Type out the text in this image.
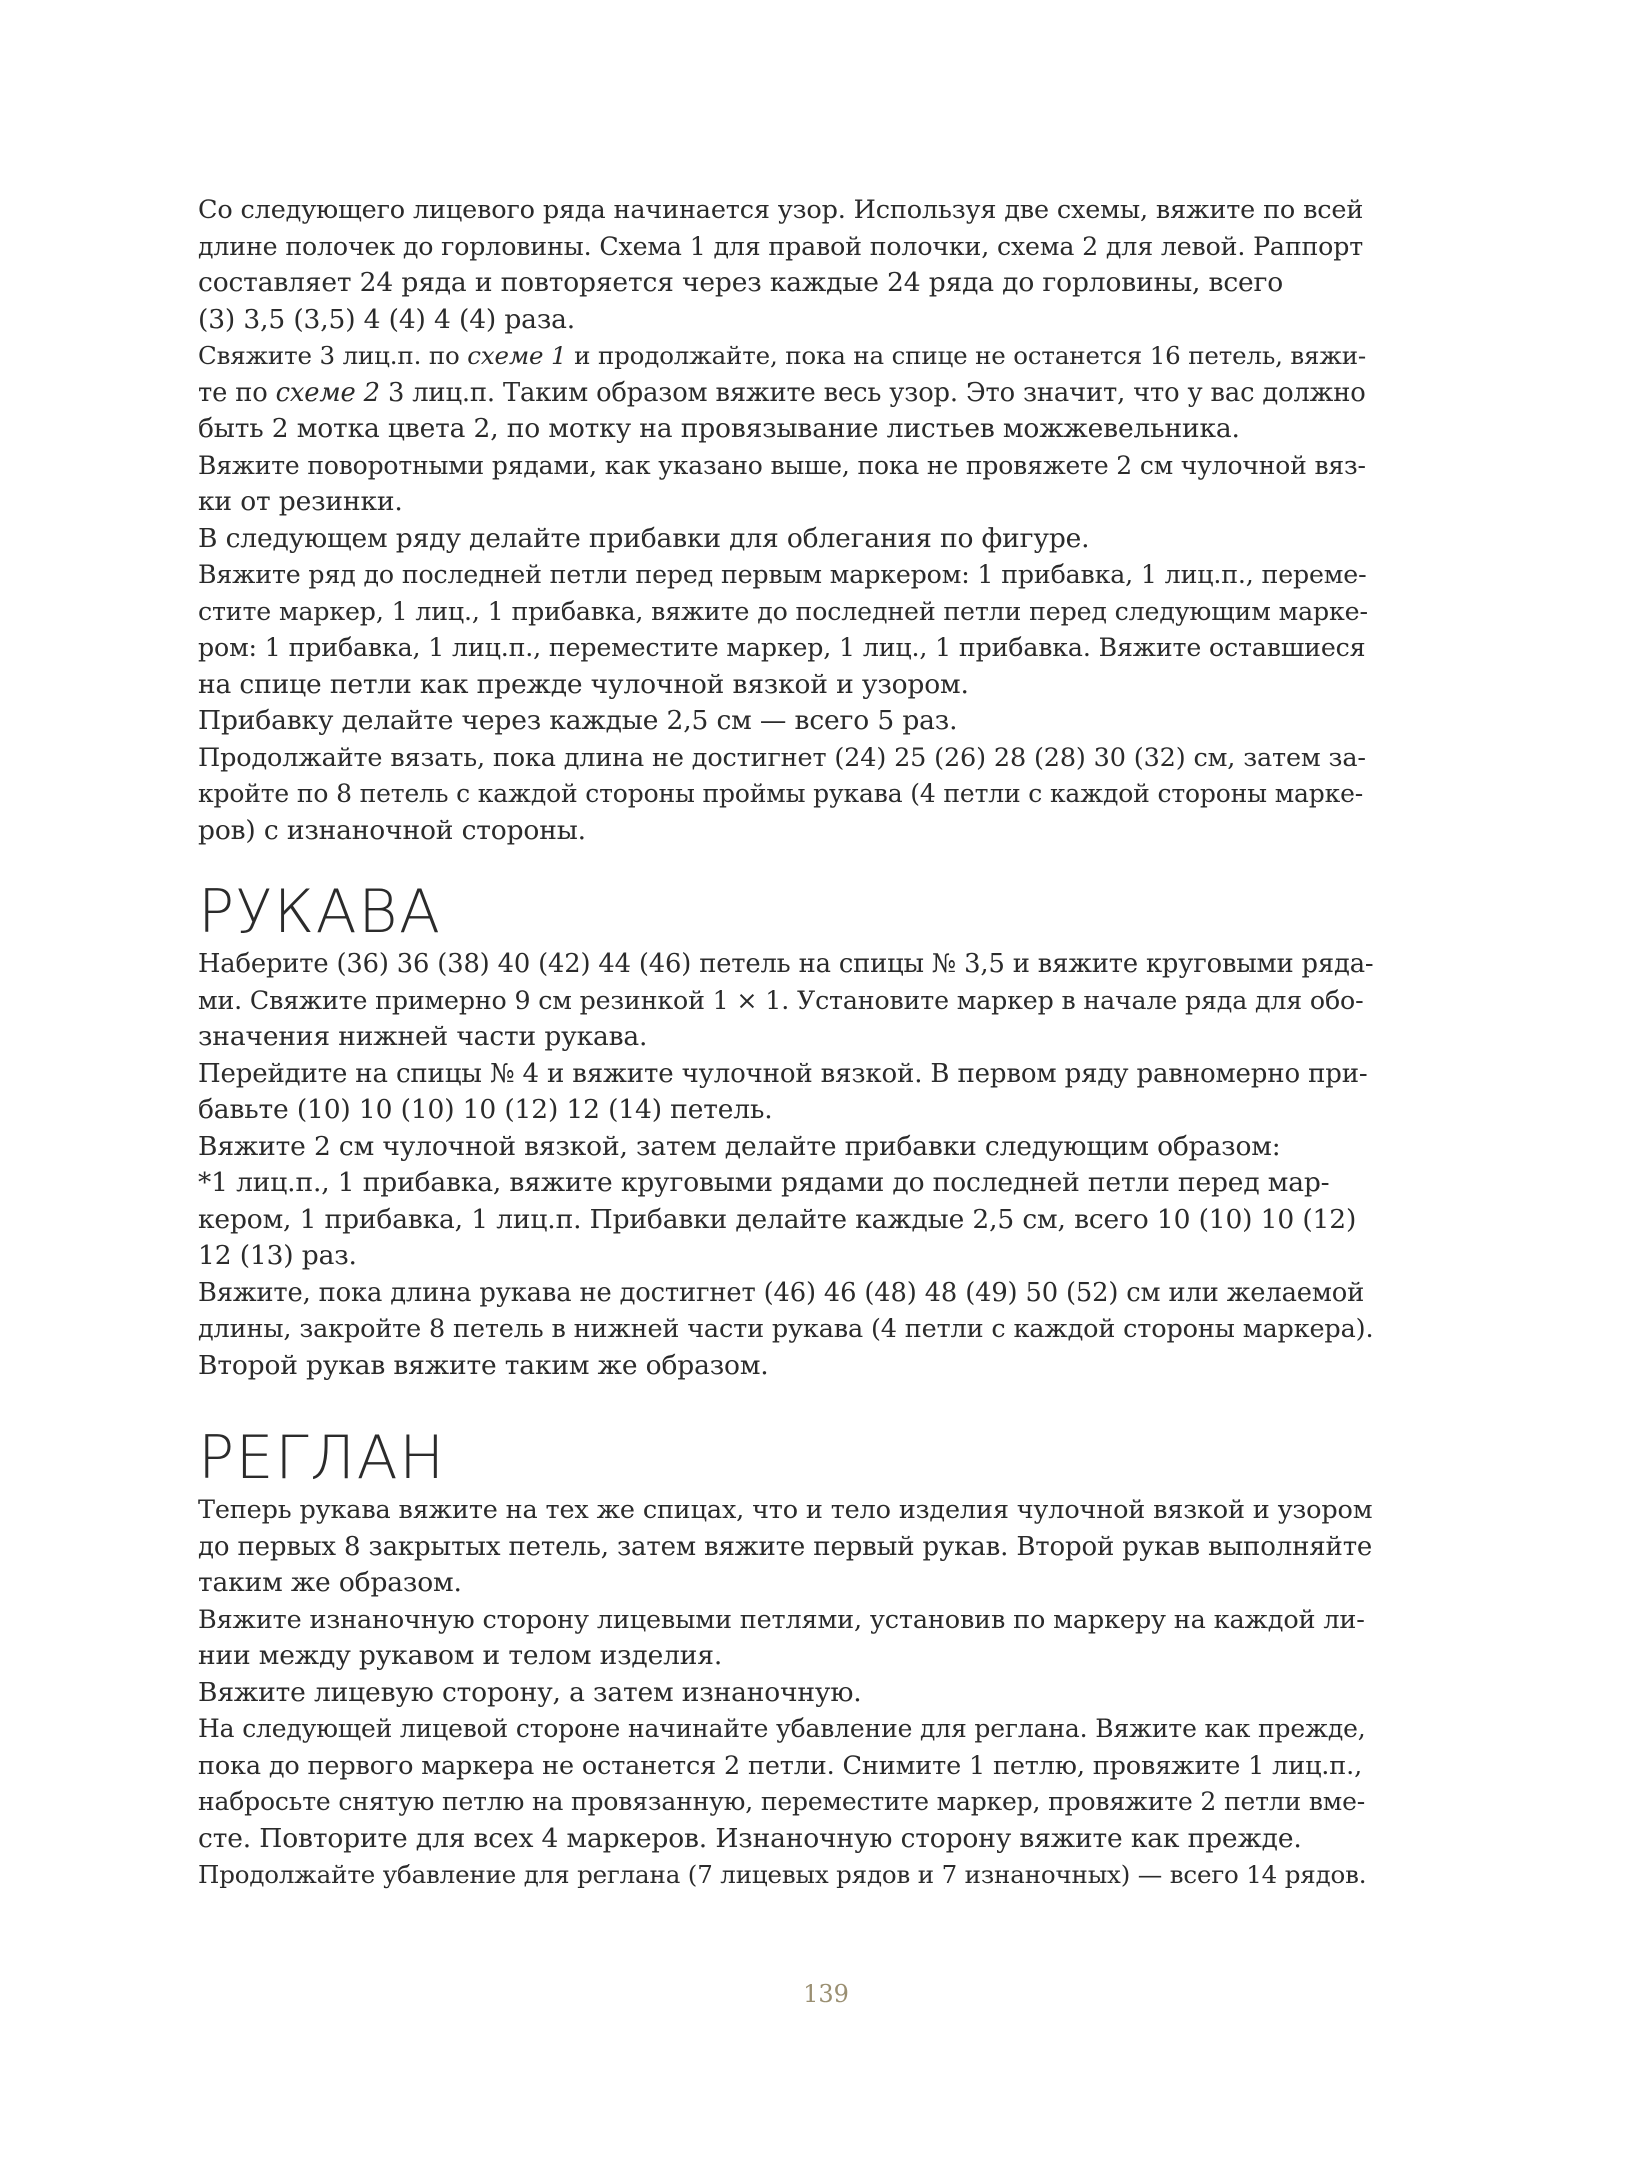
Со следующего лицевого ряда начинается узор. Используя две схемы, вяжите по всей
длине полочек до горловины. Схема 1 для правой полочки, схема 2 для левой. Раппорт
составляет 24 ряда и повторяется через каждые 24 ряда до горловины, всего
(3) 3,5 (3,5) 4 (4) 4 (4) раза.
Свяжите 3 лиц.п. по схеме 1 и продолжайте, пока на спице не останется 16 петель, вяжи-
те по схеме 2 3 лиц.п. Таким образом вяжите весь узор. Это значит, что у вас должно
быть 2 мотка цвета 2, по мотку на провязывание листьев можжевельника.
Вяжите поворотными рядами, как указано выше, пока не провяжете 2 см чулочной вяз-
ки от резинки.
В следующем ряду делайте прибавки для облегания по фигуре.
Вяжите ряд до последней петли перед первым маркером: 1 прибавка, 1 лиц.п., переме-
стите маркер, 1 лиц., 1 прибавка, вяжите до последней петли перед следующим марке-
ром: 1 прибавка, 1 лиц.п., переместите маркер, 1 лиц., 1 прибавка. Вяжите оставшиеся
на спице петли как прежде чулочной вязкой и узором.
Прибавку делайте через каждые 2,5 см — всего 5 раз.
Продолжайте вязать, пока длина не достигнет (24) 25 (26) 28 (28) 30 (32) см, затем за-
кройте по 8 петель с каждой стороны проймы рукава (4 петли с каждой стороны марке-
ров) с изнаночной стороны.
РУКАВА
Наберите (36) 36 (38) 40 (42) 44 (46) петель на спицы № 3,5 и вяжите круговыми ряда-
ми. Свяжите примерно 9 см резинкой 1 × 1. Установите маркер в начале ряда для обо-
значения нижней части рукава.
Перейдите на спицы № 4 и вяжите чулочной вязкой. В первом ряду равномерно при-
бавьте (10) 10 (10) 10 (12) 12 (14) петель.
Вяжите 2 см чулочной вязкой, затем делайте прибавки следующим образом:
*1 лиц.п., 1 прибавка, вяжите круговыми рядами до последней петли перед мар-
кером, 1 прибавка, 1 лиц.п. Прибавки делайте каждые 2,5 см, всего 10 (10) 10 (12)
12 (13) раз.
Вяжите, пока длина рукава не достигнет (46) 46 (48) 48 (49) 50 (52) см или желаемой
длины, закройте 8 петель в нижней части рукава (4 петли с каждой стороны маркера).
Второй рукав вяжите таким же образом.
РЕГЛАН
Теперь рукава вяжите на тех же спицах, что и тело изделия чулочной вязкой и узором
до первых 8 закрытых петель, затем вяжите первый рукав. Второй рукав выполняйте
таким же образом.
Вяжите изнаночную сторону лицевыми петлями, установив по маркеру на каждой ли-
нии между рукавом и телом изделия.
Вяжите лицевую сторону, а затем изнаночную.
На следующей лицевой стороне начинайте убавление для реглана. Вяжите как прежде,
пока до первого маркера не останется 2 петли. Снимите 1 петлю, провяжите 1 лиц.п.,
набросьте снятую петлю на провязанную, переместите маркер, провяжите 2 петли вме-
сте. Повторите для всех 4 маркеров. Изнаночную сторону вяжите как прежде.
Продолжайте убавление для реглана (7 лицевых рядов и 7 изнаночных) — всего 14 рядов.
139
